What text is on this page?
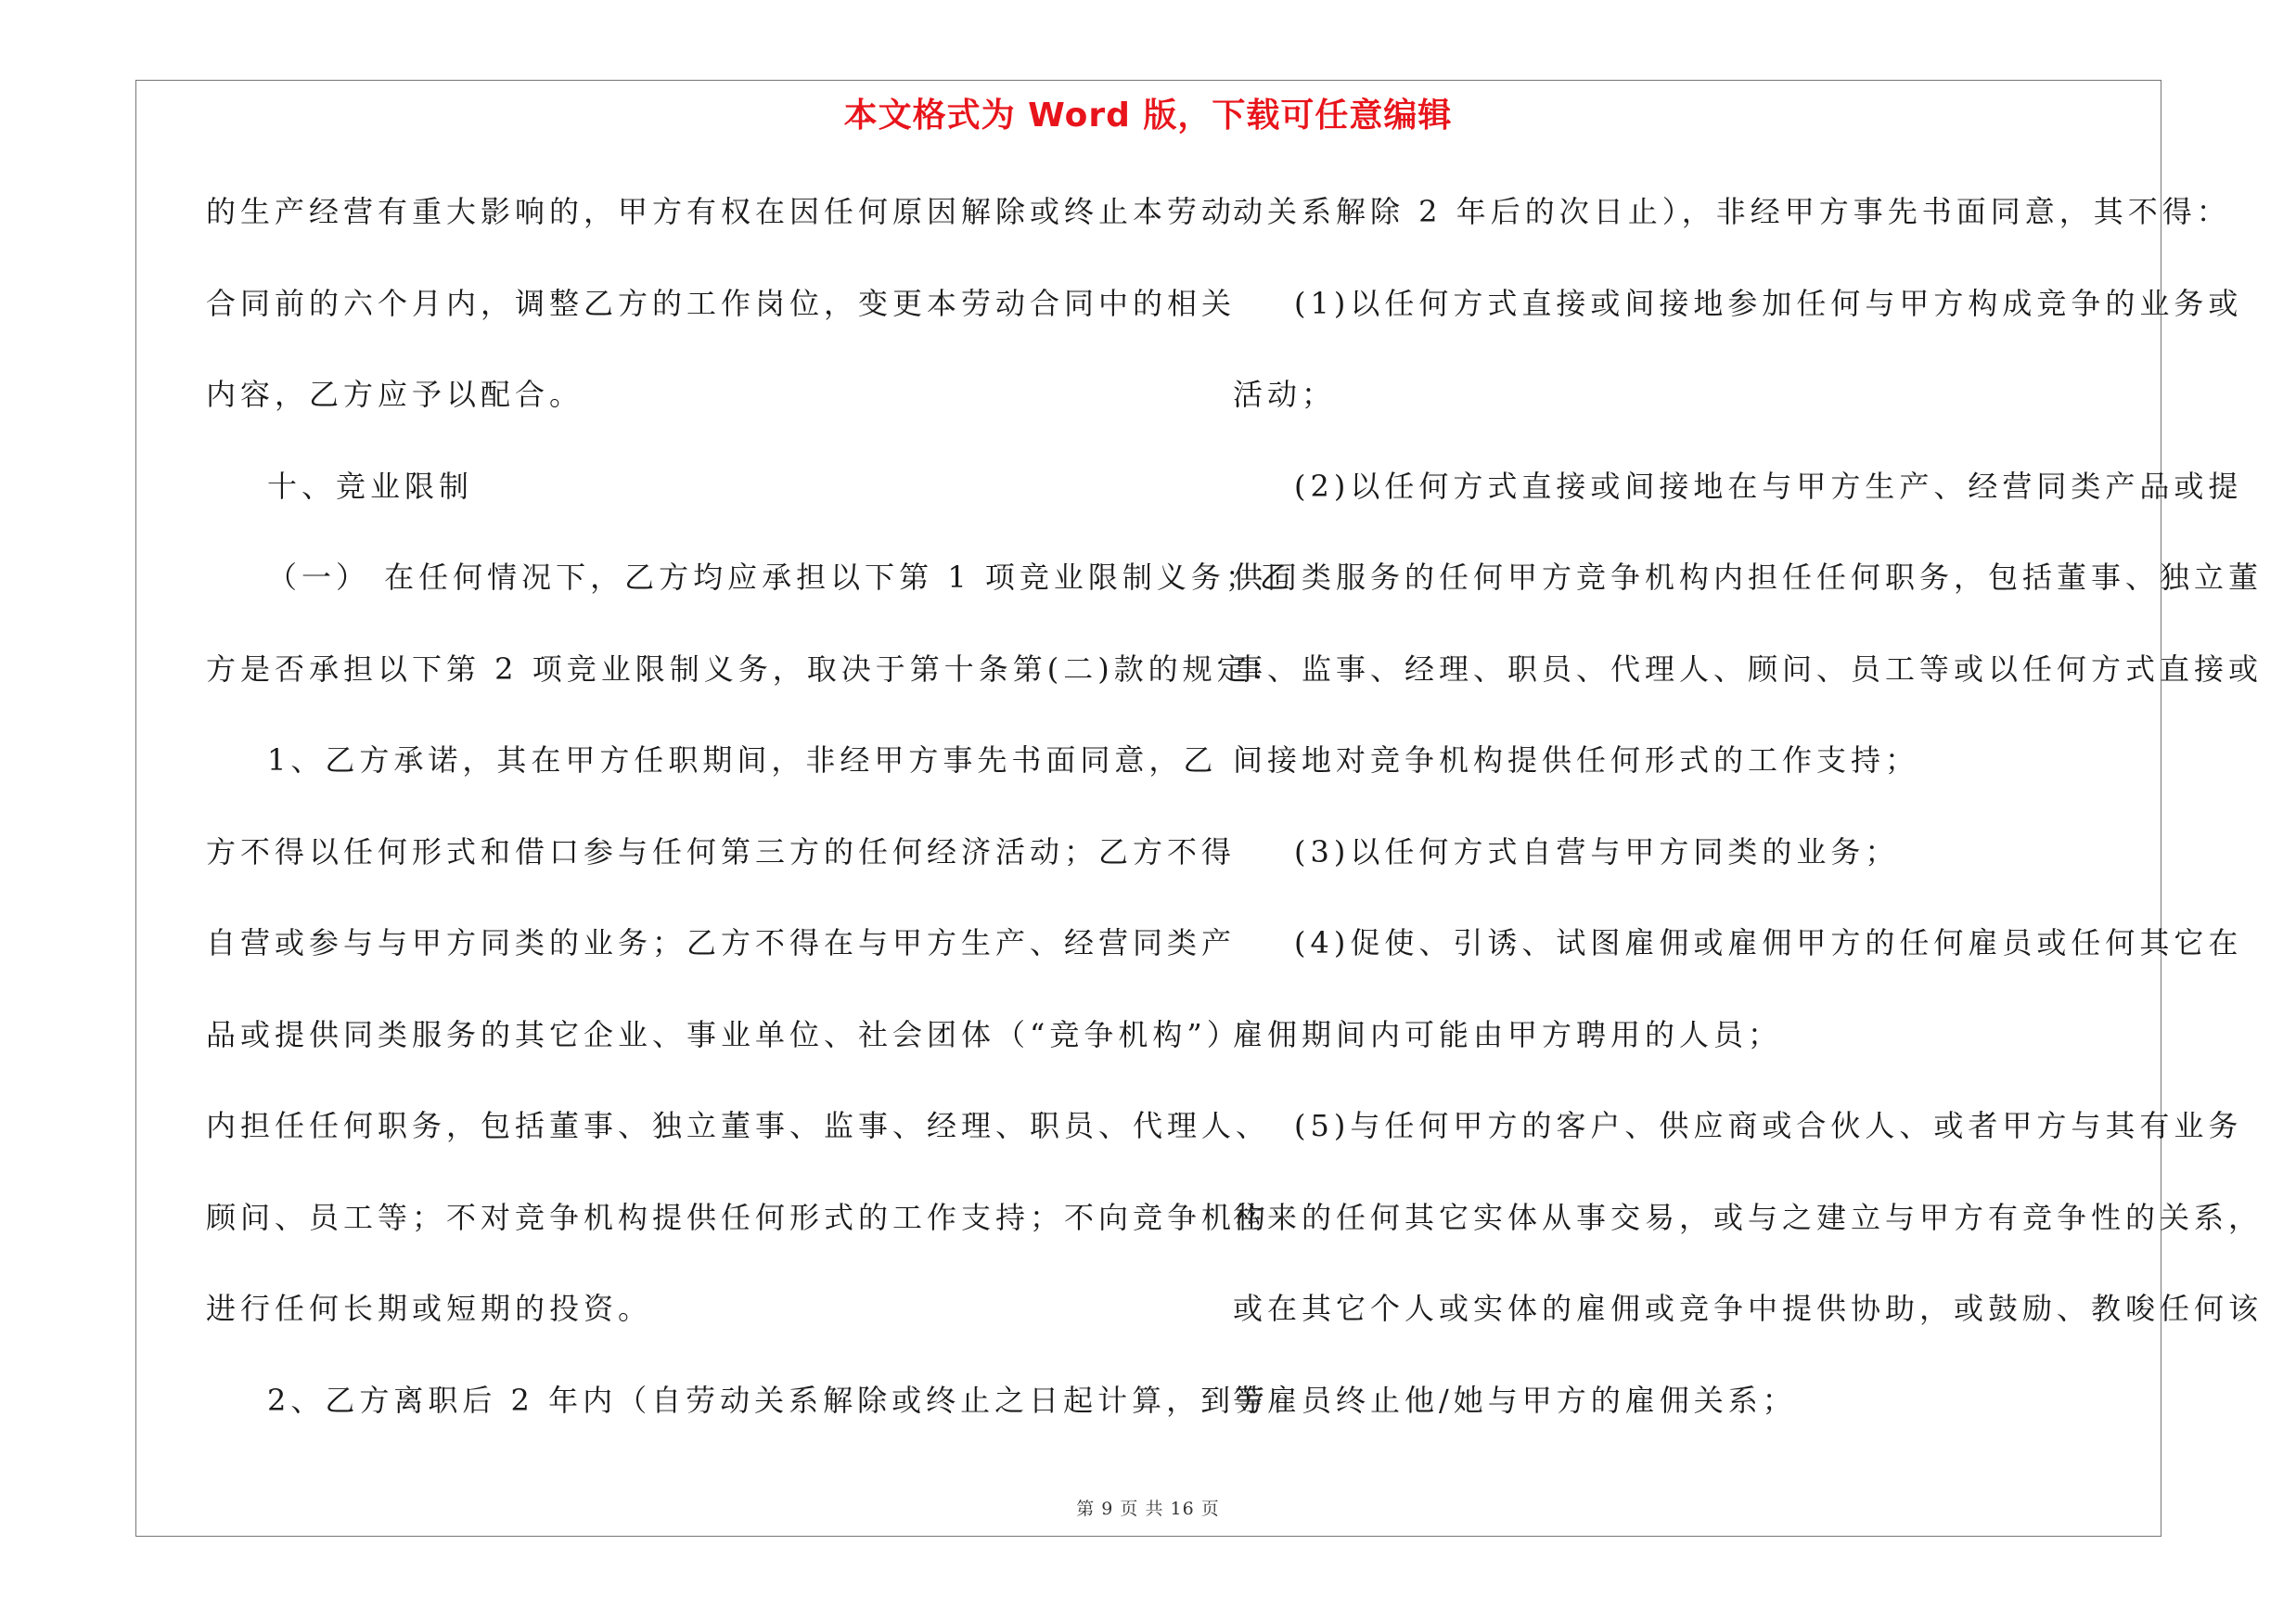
本文格式为 Word 版，下载可任意编辑
的生产经营有重大影响的，甲方有权在因任何原因解除或终止本劳动
合同前的六个月内，调整乙方的工作岗位，变更本劳动合同中的相关
内容，乙方应予以配合。
十、竞业限制
（一） 在任何情况下，乙方均应承担以下第 1 项竞业限制义务；乙
方是否承担以下第 2 项竞业限制义务，取决于第十条第(二)款的规定：
1、乙方承诺，其在甲方任职期间，非经甲方事先书面同意，乙
方不得以任何形式和借口参与任何第三方的任何经济活动；乙方不得
自营或参与与甲方同类的业务；乙方不得在与甲方生产、经营同类产
品或提供同类服务的其它企业、事业单位、社会团体（“竞争机构”）
内担任任何职务，包括董事、独立董事、监事、经理、职员、代理人、
顾问、员工等；不对竞争机构提供任何形式的工作支持；不向竞争机构
进行任何长期或短期的投资。
2、乙方离职后 2 年内（自劳动关系解除或终止之日起计算，到劳
动关系解除 2 年后的次日止），非经甲方事先书面同意，其不得：
(1)以任何方式直接或间接地参加任何与甲方构成竞争的业务或
活动；
(2)以任何方式直接或间接地在与甲方生产、经营同类产品或提
供同类服务的任何甲方竞争机构内担任任何职务，包括董事、独立董
事、监事、经理、职员、代理人、顾问、员工等或以任何方式直接或
间接地对竞争机构提供任何形式的工作支持；
(3)以任何方式自营与甲方同类的业务；
(4)促使、引诱、试图雇佣或雇佣甲方的任何雇员或任何其它在
雇佣期间内可能由甲方聘用的人员；
(5)与任何甲方的客户、供应商或合伙人、或者甲方与其有业务
往来的任何其它实体从事交易，或与之建立与甲方有竞争性的关系，
或在其它个人或实体的雇佣或竞争中提供协助，或鼓励、教唆任何该
等雇员终止他/她与甲方的雇佣关系；
第 9 页 共 16 页
